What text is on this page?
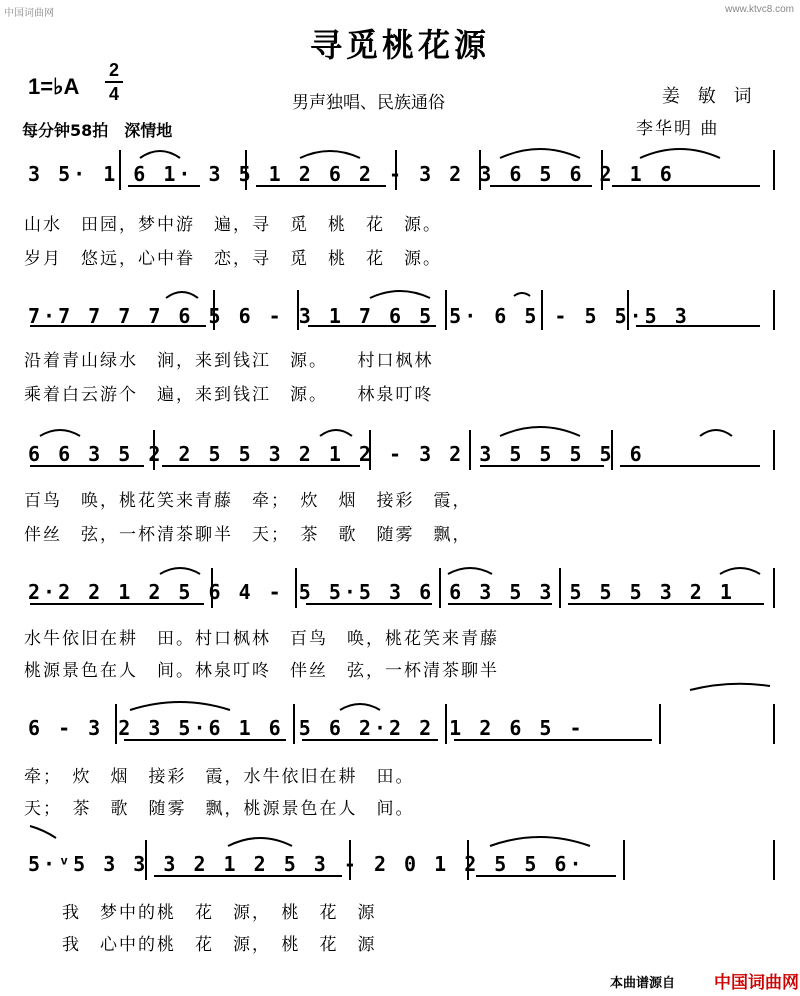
中国词曲网	www.ktvc8.com
寻觅桃花源
1=♭A
2
4	男声独唱、民族通俗	姜 敏 词
李华明 曲
每分钟58拍　深情地
3 5· 1 6 1· 3 5 1 2 6 2 - 3 2 3 6 5 6 2 1 6
山水　田园，梦中游　遍，寻　觅　桃　花　源。
岁月　悠远，心中眷　恋，寻　觅　桃　花　源。
7·7 7 7 7 6 5 6 - 3 1 7 6 5 5· 6 5 - 5 5·5 3
沿着青山绿水　涧，来到钱江　源。　　村口枫林
乘着白云游个　遍，来到钱江　源。　　林泉叮咚
6 6 3 5 2 2 5 5 3 2 1 2 - 3 2 3 5 5 5 5 6
百鸟　唤，桃花笑来青藤　牵；　炊　烟　接彩　霞，
伴丝　弦，一杯清茶聊半　天；　茶　歌　随雾　飘，
2·2 2 1 2 5 6 4 - 5 5·5 3 6 6 3 5 3 5 5 5 3 2 1
水牛依旧在耕　田。村口枫林　百鸟　唤，桃花笑来青藤
桃源景色在人　间。林泉叮咚　伴丝　弦，一杯清茶聊半
6 - 3 2 3 5·6 1 6 5 6 2·2 2 1 2 6 5 -
牵；　炊　烟　接彩　霞，水牛依旧在耕　田。
天；　茶　歌　随雾　飘，桃源景色在人　间。
5·ᵛ5 3 3 3 2 1 2 5 3 - 2 0 1 2 5 5 6·
　　我　梦中的桃　花　源，　桃　花　源
　　我　心中的桃　花　源，　桃　花　源
本曲谱源自 中国词曲网
